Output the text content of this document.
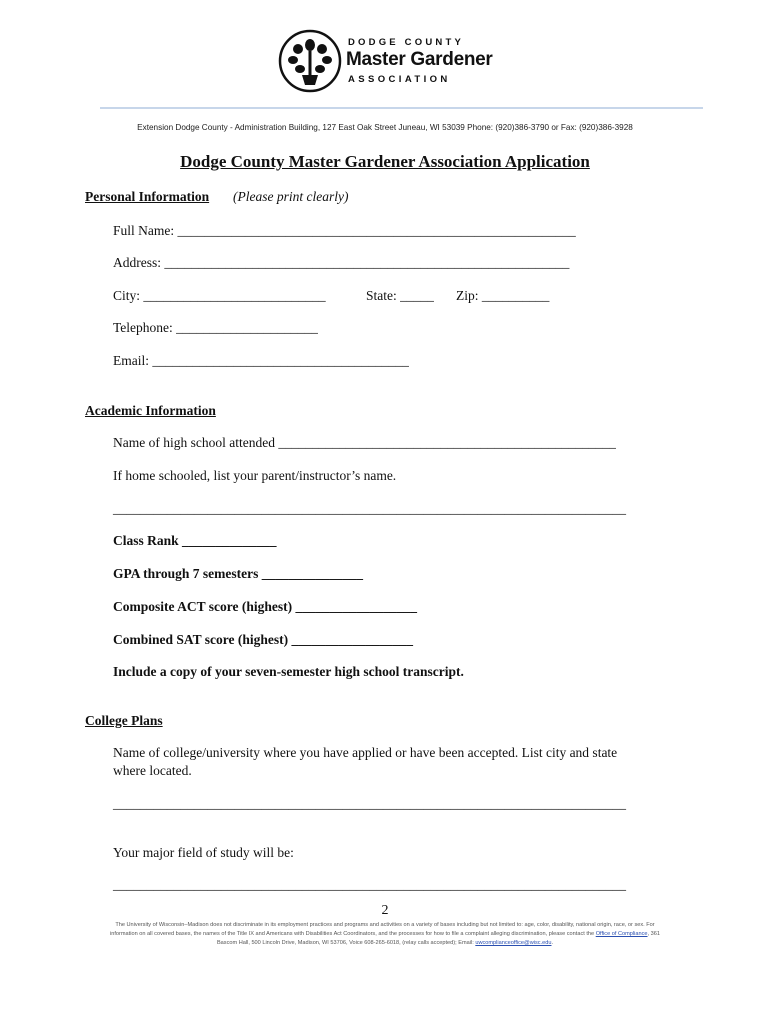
DODGE COUNTY
Master Gardener
ASSOCIATION
Extension Dodge County - Administration Building, 127 East Oak Street Juneau, WI 53039 Phone: (920)386-3790 or Fax: (920)386-3928
Dodge County Master Gardener Association Application
Personal Information (Please print clearly)
Full Name: ___________________________________________________________
Address: ____________________________________________________________
City: ___________________________	State: _____ Zip: __________
Telephone: _____________________
Email: ______________________________________
Academic Information
Name of high school attended __________________________________________________
If home schooled, list your parent/instructor’s name.
____________________________________________________________________________
Class Rank ______________
GPA through 7 semesters _______________
Composite ACT score (highest) __________________
Combined SAT score (highest) __________________
Include a copy of your seven-semester high school transcript.
College Plans
Name of college/university where you have applied or have been accepted. List city and state
where located.
____________________________________________________________________________
Your major field of study will be:
____________________________________________________________________________
2
The University of Wisconsin–Madison does not discriminate in its employment practices and programs and activities on a variety of bases including but not limited to: age, color, disability, national origin, race, or sex. For information on all covered bases, the names of the Title IX and Americans with Disabilities Act Coordinators, and the processes for how to file a complaint alleging discrimination, please contact the Office of Compliance, 361 Bascom Hall, 500 Lincoln Drive, Madison, WI 53706, Voice 608-265-6018, (relay calls accepted); Email: uwcomplianceoffice@wisc.edu.
